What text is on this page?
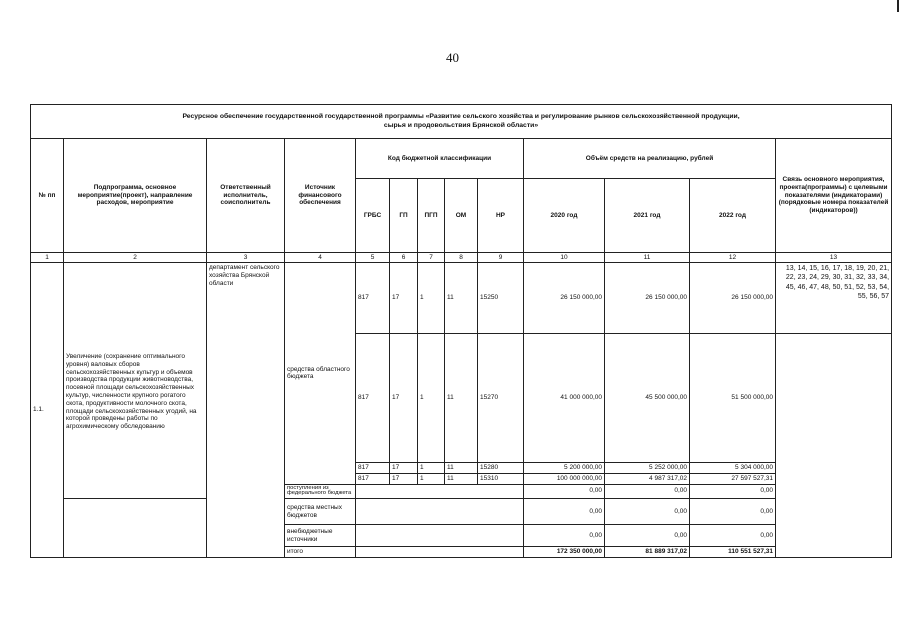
40
Ресурсное обеспечение государственной государственной программы «Развитие сельского хозяйства и регулирование рынков сельскохозяйственной продукции,
сырья и продовольствия Брянской области»												
№ пп	Подпрограмма, основное мероприятие(проект), направление расходов, мероприятие	Ответственный исполнитель, соисполнитель	Источник финансового обеспечения	Код бюджетной классификации					Объём средств на реализацию, рублей			Связь основного мероприятия, проекта(программы) с целевыми показателями (индикаторами) (порядковые номера показателей (индикаторов))
				ГРБС	ГП	ПГП	ОМ	НР	2020 год	2021 год	2022 год	
1	2	3	4	5	6	7	8	9	10	11	12	13
1.1.	Увеличение (сохранение оптимального уровня) валовых сборов сельскохозяйственных культур и объемов производства продукции животноводства, посевной площади сельскохозяйственных культур, численности крупного рогатого скота, продуктивности молочного скота, площади сельскохозяйственных угодий, на которой проведены работы по агрохимическому обследованию	департамент сельского хозяйства Брянской области	средства областного бюджета	817	17	1	11	15250	26 150 000,00	26 150 000,00	26 150 000,00	13, 14, 15, 16, 17, 18, 19, 20, 21, 22, 23, 24, 29, 30, 31, 32, 33, 34, 45, 46, 47, 48, 50, 51, 52, 53, 54, 55, 56, 57
				817	17	1	11	15270	41 000 000,00	45 500 000,00	51 500 000,00	
				817	17	1	11	15280	5 200 000,00	5 252 000,00	5 304 000,00	
				817	17	1	11	15310	100 000 000,00	4 987 317,02	27 597 527,31	
			поступления из федерального бюджета						0,00	0,00	0,00	
			средства местных бюджетов						0,00	0,00	0,00	
			внебюджетные источники						0,00	0,00	0,00	
			итого						172 350 000,00	81 889 317,02	110 551 527,31	
